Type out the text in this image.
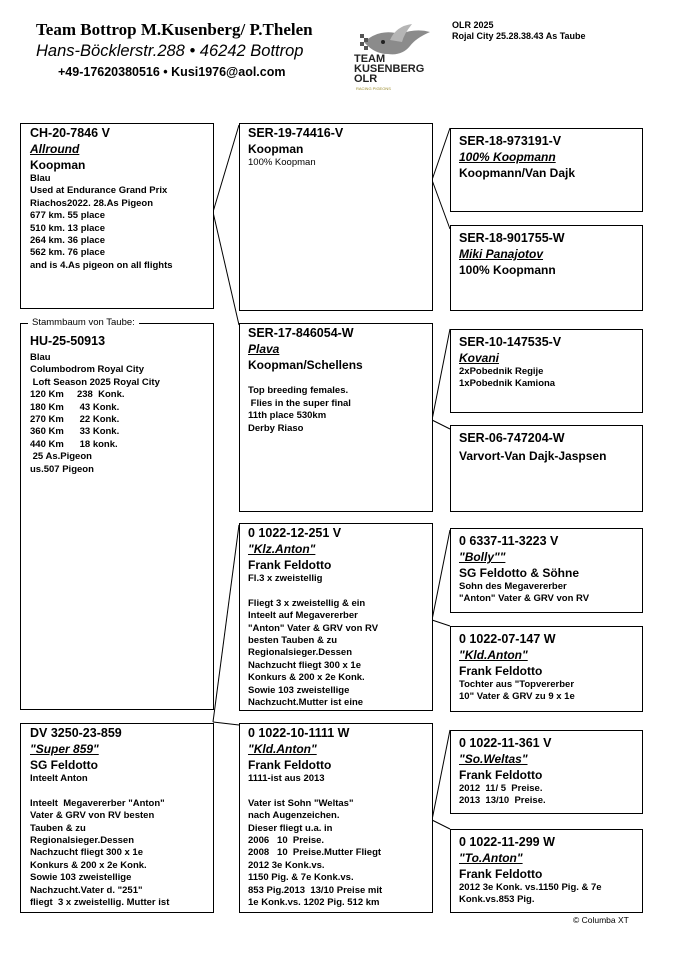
Team Bottrop M.Kusenberg/ P.Thelen
Hans-Böcklerstr.288 • 46242 Bottrop
+49-17620380516 • Kusi1976@aol.com
TEAM
KUSENBERG
OLR
RACING PIGEONS
OLR 2025
Rojal City 25.28.38.43 As Taube
CH-20-7846 V
Allround
Koopman
Blau
Used at Endurance Grand Prix
Riachos2022. 28.As Pigeon
677 km. 55 place
510 km. 13 place
264 km. 36 place
562 km. 76 place
and is 4.As pigeon on all flights
HU-25-50913
Blau
Columbodrom Royal City
Loft Season 2025 Royal City
120 Km     238  Konk.
180 Km      43 Konk.
270 Km      22 Konk.
360 Km      33 Konk.
440 Km      18 konk.
25 As.Pigeon
us.507 Pigeon
Stammbaum von Taube:
DV 3250-23-859
"Super 859"
SG Feldotto
Inteelt Anton

Inteelt  Megavererber "Anton"
Vater & GRV von RV besten
Tauben & zu
Regionalsieger.Dessen
Nachzucht fliegt 300 x 1e
Konkurs & 200 x 2e Konk.
Sowie 103 zweistellige
Nachzucht.Vater d. "251"
fliegt  3 x zweistellig. Mutter ist
SER-19-74416-V
Koopman
100% Koopman
SER-17-846054-W
Plava
Koopman/Schellens

Top breeding females.
Flies in the super final
11th place 530km
Derby Riaso
0 1022-12-251 V
"Klz.Anton"
Frank Feldotto
Fl.3 x zweistellig

Fliegt 3 x zweistellig & ein
Inteelt auf Megavererber
"Anton" Vater & GRV von RV
besten Tauben & zu
Regionalsieger.Dessen
Nachzucht fliegt 300 x 1e
Konkurs & 200 x 2e Konk.
Sowie 103 zweistellige
Nachzucht.Mutter ist eine
0 1022-10-1111 W
"Kld.Anton"
Frank Feldotto
1111-ist aus 2013

Vater ist Sohn "Weltas"
nach Augenzeichen.
Dieser fliegt u.a. in
2006   10  Preise.
2008   10  Preise.Mutter Fliegt
2012 3e Konk.vs.
1150 Pig. & 7e Konk.vs.
853 Pig.2013  13/10 Preise mit
1e Konk.vs. 1202 Pig. 512 km
SER-18-973191-V
100% Koopmann
Koopmann/Van Dajk
SER-18-901755-W
Miki Panajotov
100% Koopmann
SER-10-147535-V
Kovani
2xPobednik Regije
1xPobednik Kamiona
SER-06-747204-W
Varvort-Van Dajk-Jaspsen
0 6337-11-3223 V
"Bolly""
SG Feldotto & Söhne
Sohn des Megavererber
"Anton" Vater & GRV von RV
0 1022-07-147 W
"Kld.Anton"
Frank Feldotto
Tochter aus "Topvererber
10" Vater & GRV zu 9 x 1e
0 1022-11-361 V
"So.Weltas"
Frank Feldotto
2012  11/ 5  Preise.
2013  13/10  Preise.
0 1022-11-299 W
"To.Anton"
Frank Feldotto
2012 3e Konk. vs.1150 Pig. & 7e
Konk.vs.853 Pig.
© Columba XT
